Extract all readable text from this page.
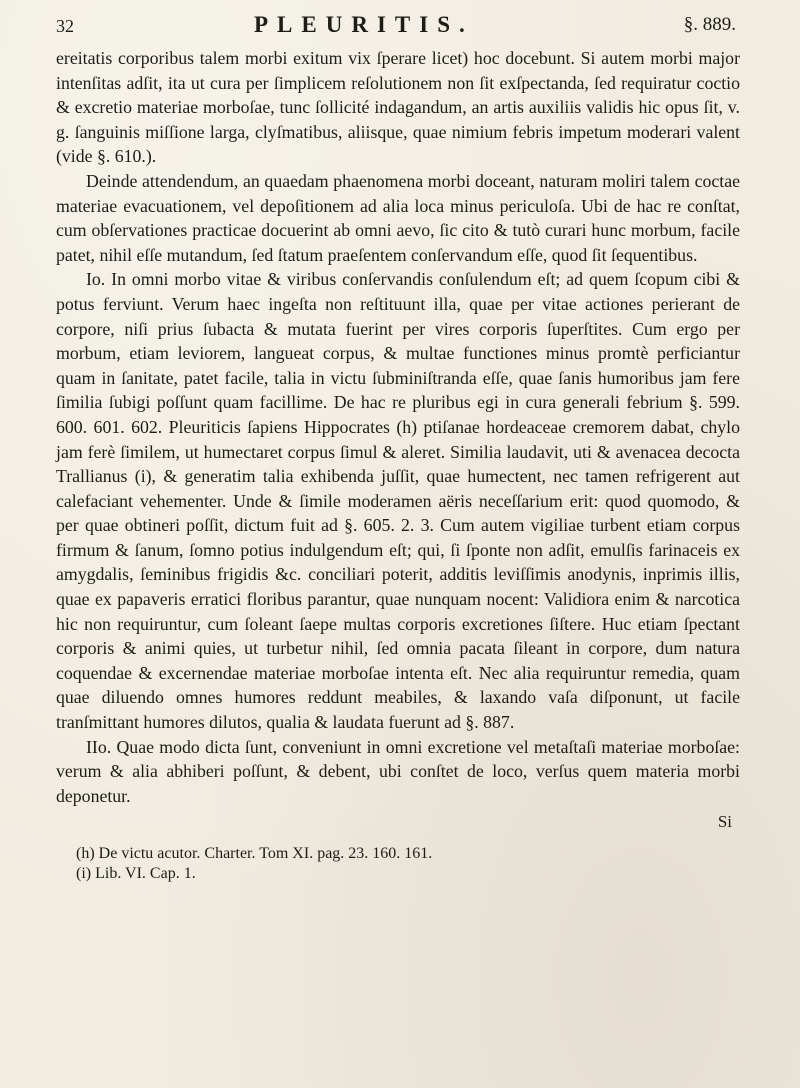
32	PLEURITIS.	§. 889.

ereitatis corporibus talem morbi exitum vix ſperare licet) hoc docebunt. Si autem morbi major intenſitas adſit, ita ut cura per ſimplicem reſolutionem non ſit exſpectanda, ſed requiratur coctio & excretio materiae morboſae, tunc ſollicité indagandum, an artis auxiliis validis hic opus ſit, v. g. ſanguinis miſſione larga, clyſmatibus, aliisque, quae nimium febris impetum moderari valent (vide §. 610.).

Deinde attendendum, an quaedam phaenomena morbi doceant, naturam moliri talem coctae materiae evacuationem, vel depoſitionem ad alia loca minus periculoſa. Ubi de hac re conſtat, cum obſervationes practicae docuerint ab omni aevo, ſic cito & tutò curari hunc morbum, facile patet, nihil eſſe mutandum, ſed ſtatum praeſentem conſervandum eſſe, quod ſit ſequentibus.

Io. In omni morbo vitae & viribus conſervandis conſulendum eſt; ad quem ſcopum cibi & potus ferviunt. Verum haec ingeſta non reſtituunt illa, quae per vitae actiones perierant de corpore, niſi prius ſubacta & mutata fuerint per vires corporis ſuperſtites. Cum ergo per morbum, etiam leviorem, langueat corpus, & multae functiones minus promtè perficiantur quam in ſanitate, patet facile, talia in victu ſubminiſtranda eſſe, quae ſanis humoribus jam fere ſimilia ſubigi poſſunt quam facillime. De hac re pluribus egi in cura generali febrium §. 599. 600. 601. 602. Pleuriticis ſapiens Hippocrates (h) ptiſanae hordeaceae cremorem dabat, chylo jam ferè ſimilem, ut humectaret corpus ſimul & aleret. Similia laudavit, uti & avenacea decocta Trallianus (i), & generatim talia exhibenda juſſit, quae humectent, nec tamen refrigerent aut calefaciant vehementer. Unde & ſimile moderamen aëris neceſſarium erit: quod quomodo, & per quae obtineri poſſit, dictum fuit ad §. 605. 2. 3. Cum autem vigiliae turbent etiam corpus firmum & ſanum, ſomno potius indulgendum eſt; qui, ſi ſponte non adſit, emulſis farinaceis ex amygdalis, ſeminibus frigidis &c. conciliari poterit, additis leviſſimis anodynis, inprimis illis, quae ex papaveris erratici floribus parantur, quae nunquam nocent: Validiora enim & narcotica hic non requiruntur, cum ſoleant ſaepe multas corporis excretiones ſiſtere. Huc etiam ſpectant corporis & animi quies, ut turbetur nihil, ſed omnia pacata ſileant in corpore, dum natura coquendae & excernendae materiae morboſae intenta eſt. Nec alia requiruntur remedia, quam quae diluendo omnes humores reddunt meabiles, & laxando vaſa diſponunt, ut facile tranſmittant humores dilutos, qualia & laudata fuerunt ad §. 887.

IIo. Quae modo dicta ſunt, conveniunt in omni excretione vel metaſtaſi materiae morboſae: verum & alia abhiberi poſſunt, & debent, ubi conſtet de loco, verſus quem materia morbi deponetur.

Si
(h) De victu acutor. Charter. Tom XI. pag. 23. 160. 161.
(i) Lib. VI. Cap. 1.
